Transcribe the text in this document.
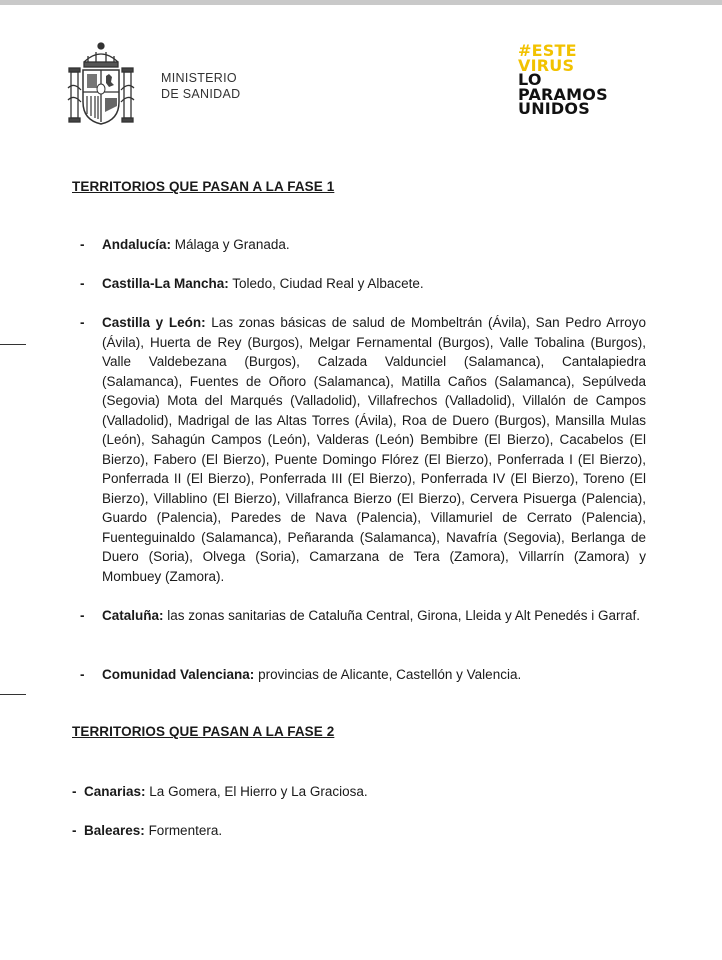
MINISTERIO
DE SANIDAD
#ESTE
VIRUS
LO
PARAMOS
UNIDOS
TERRITORIOS QUE PASAN A LA FASE 1
- Andalucía: Málaga y Granada.
- Castilla-La Mancha: Toledo, Ciudad Real y Albacete.
- Castilla y León: Las zonas básicas de salud de Mombeltrán (Ávila), San Pedro Arroyo (Ávila), Huerta de Rey (Burgos), Melgar Fernamental (Burgos), Valle Tobalina (Burgos), Valle Valdebezana (Burgos), Calzada Valdunciel (Salamanca), Cantalapiedra (Salamanca), Fuentes de Oñoro (Salamanca), Matilla Caños (Salamanca), Sepúlveda (Segovia) Mota del Marqués (Valladolid), Villafrechos (Valladolid), Villalón de Campos (Valladolid), Madrigal de las Altas Torres (Ávila), Roa de Duero (Burgos), Mansilla Mulas (León), Sahagún Campos (León), Valderas (León) Bembibre (El Bierzo), Cacabelos (El Bierzo), Fabero (El Bierzo), Puente Domingo Flórez (El Bierzo), Ponferrada I (El Bierzo), Ponferrada II (El Bierzo), Ponferrada III (El Bierzo), Ponferrada IV (El Bierzo), Toreno (El Bierzo), Villablino (El Bierzo), Villafranca Bierzo (El Bierzo), Cervera Pisuerga (Palencia), Guardo (Palencia), Paredes de Nava (Palencia), Villamuriel de Cerrato (Palencia), Fuenteguinaldo (Salamanca), Peñaranda (Salamanca), Navafría (Segovia), Berlanga de Duero (Soria), Olvega (Soria), Camarzana de Tera (Zamora), Villarrín (Zamora) y Mombuey (Zamora).
- Cataluña: las zonas sanitarias de Cataluña Central, Girona, Lleida y Alt Penedés i Garraf.
- Comunidad Valenciana: provincias de Alicante, Castellón y Valencia.
TERRITORIOS QUE PASAN A LA FASE 2
- Canarias: La Gomera, El Hierro y La Graciosa.
- Baleares: Formentera.
